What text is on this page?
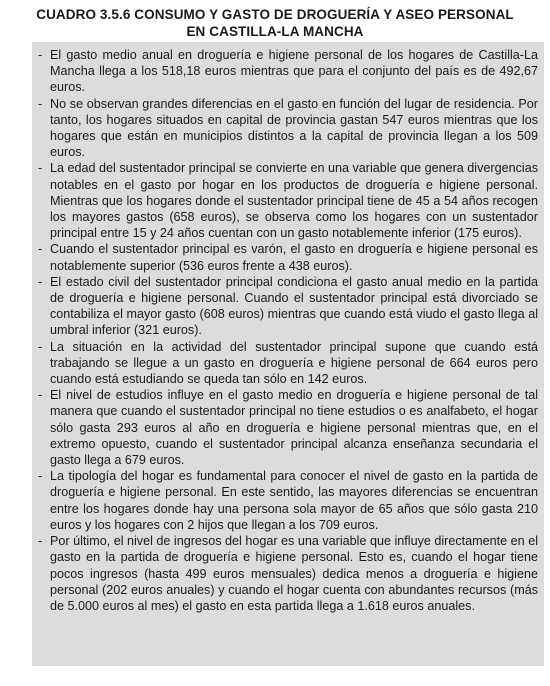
CUADRO 3.5.6 CONSUMO Y GASTO DE DROGUERÍA Y ASEO PERSONAL
EN CASTILLA-LA MANCHA
- El gasto medio anual en droguería e higiene personal de los hogares de Castilla-La Mancha llega a los 518,18 euros mientras que para el conjunto del país es de 492,67 euros.
- No se observan grandes diferencias en el gasto en función del lugar de residencia. Por tanto, los hogares situados en capital de provincia gastan 547 euros mientras que los hogares que están en municipios distintos a la capital de provincia llegan a los 509 euros.
- La edad del sustentador principal se convierte en una variable que genera divergencias notables en el gasto por hogar en los productos de droguería e higiene personal. Mientras que los hogares donde el sustentador principal tiene de 45 a 54 años recogen los mayores gastos (658 euros), se observa como los hogares con un sustentador principal entre 15 y 24 años cuentan con un gasto notablemente inferior (175 euros).
- Cuando el sustentador principal es varón, el gasto en droguería e higiene personal es notablemente superior (536 euros frente a 438 euros).
- El estado civil del sustentador principal condiciona el gasto anual medio en la partida de droguería e higiene personal. Cuando el sustentador principal está divorciado se contabiliza el mayor gasto (608 euros) mientras que cuando está viudo el gasto llega al umbral inferior (321 euros).
- La situación en la actividad del sustentador principal supone que cuando está trabajando se llegue a un gasto en droguería e higiene personal de 664 euros pero cuando está estudiando se queda tan sólo en 142 euros.
- El nivel de estudios influye en el gasto medio en droguería e higiene personal de tal manera que cuando el sustentador principal no tiene estudios o es analfabeto, el hogar sólo gasta 293 euros al año en droguería e higiene personal mientras que, en el extremo opuesto, cuando el sustentador principal alcanza enseñanza secundaria el gasto llega a 679 euros.
- La tipología del hogar es fundamental para conocer el nivel de gasto en la partida de droguería e higiene personal. En este sentido, las mayores diferencias se encuentran entre los hogares donde hay una persona sola mayor de 65 años que sólo gasta 210 euros y los hogares con 2 hijos que llegan a los 709 euros.
- Por último, el nivel de ingresos del hogar es una variable que influye directamente en el gasto en la partida de droguería e higiene personal. Esto es, cuando el hogar tiene pocos ingresos (hasta 499 euros mensuales) dedica menos a droguería e higiene personal (202 euros anuales) y cuando el hogar cuenta con abundantes recursos (más de 5.000 euros al mes) el gasto en esta partida llega a 1.618 euros anuales.
